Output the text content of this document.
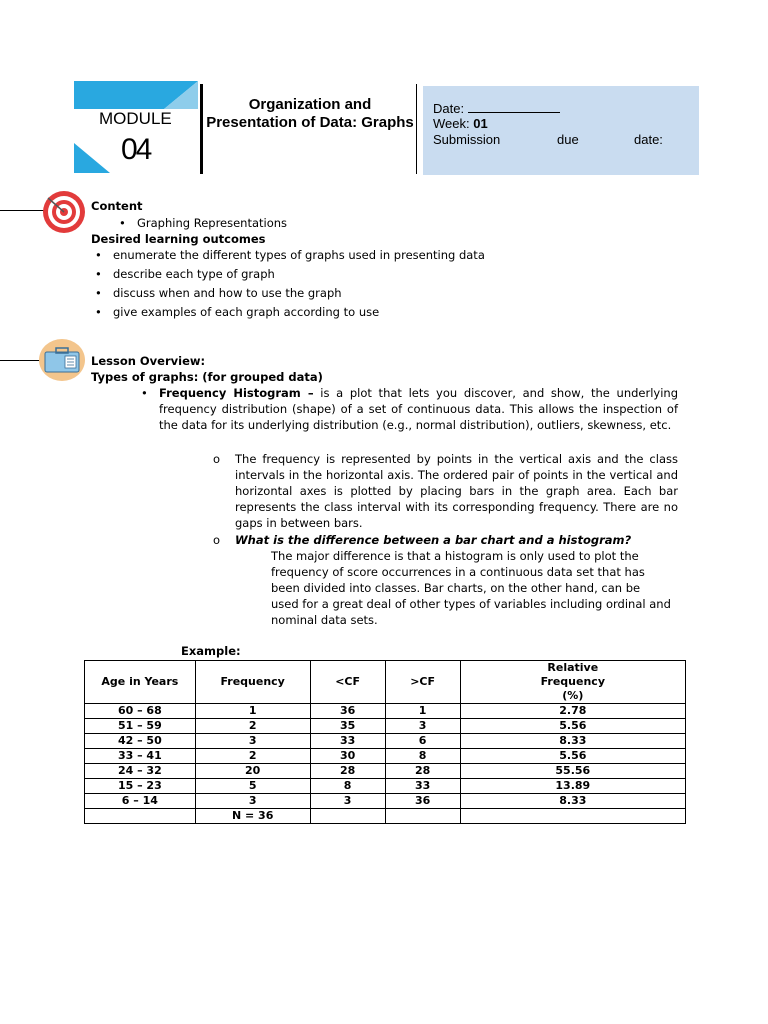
MODULE
04
Organization and Presentation of Data: Graphs
Date:
Week: 01
Submission	due	date:
Content
• Graphing Representations
Desired learning outcomes
• enumerate the different types of graphs used in presenting data
• describe each type of graph
• discuss when and how to use the graph
• give examples of each graph according to use
Lesson Overview:
Types of graphs: (for grouped data)
• Frequency Histogram – is a plot that lets you discover, and show, the underlying frequency distribution (shape) of a set of continuous data. This allows the inspection of the data for its underlying distribution (e.g., normal distribution), outliers, skewness, etc.
o The frequency is represented by points in the vertical axis and the class intervals in the horizontal axis. The ordered pair of points in the vertical and horizontal axes is plotted by placing bars in the graph area. Each bar represents the class interval with its corresponding frequency. There are no gaps in between bars.
o What is the difference between a bar chart and a histogram?
The major difference is that a histogram is only used to plot the frequency of score occurrences in a continuous data set that has been divided into classes. Bar charts, on the other hand, can be used for a great deal of other types of variables including ordinal and nominal data sets.
Example:
Age in Years	Frequency	<CF	>CF	Relative Frequency (%)
60 – 68	1	36	1	2.78
51 – 59	2	35	3	5.56
42 – 50	3	33	6	8.33
33 – 41	2	30	8	5.56
24 – 32	20	28	28	55.56
15 – 23	5	8	33	13.89
6 – 14	3	3	36	8.33
	N = 36			
